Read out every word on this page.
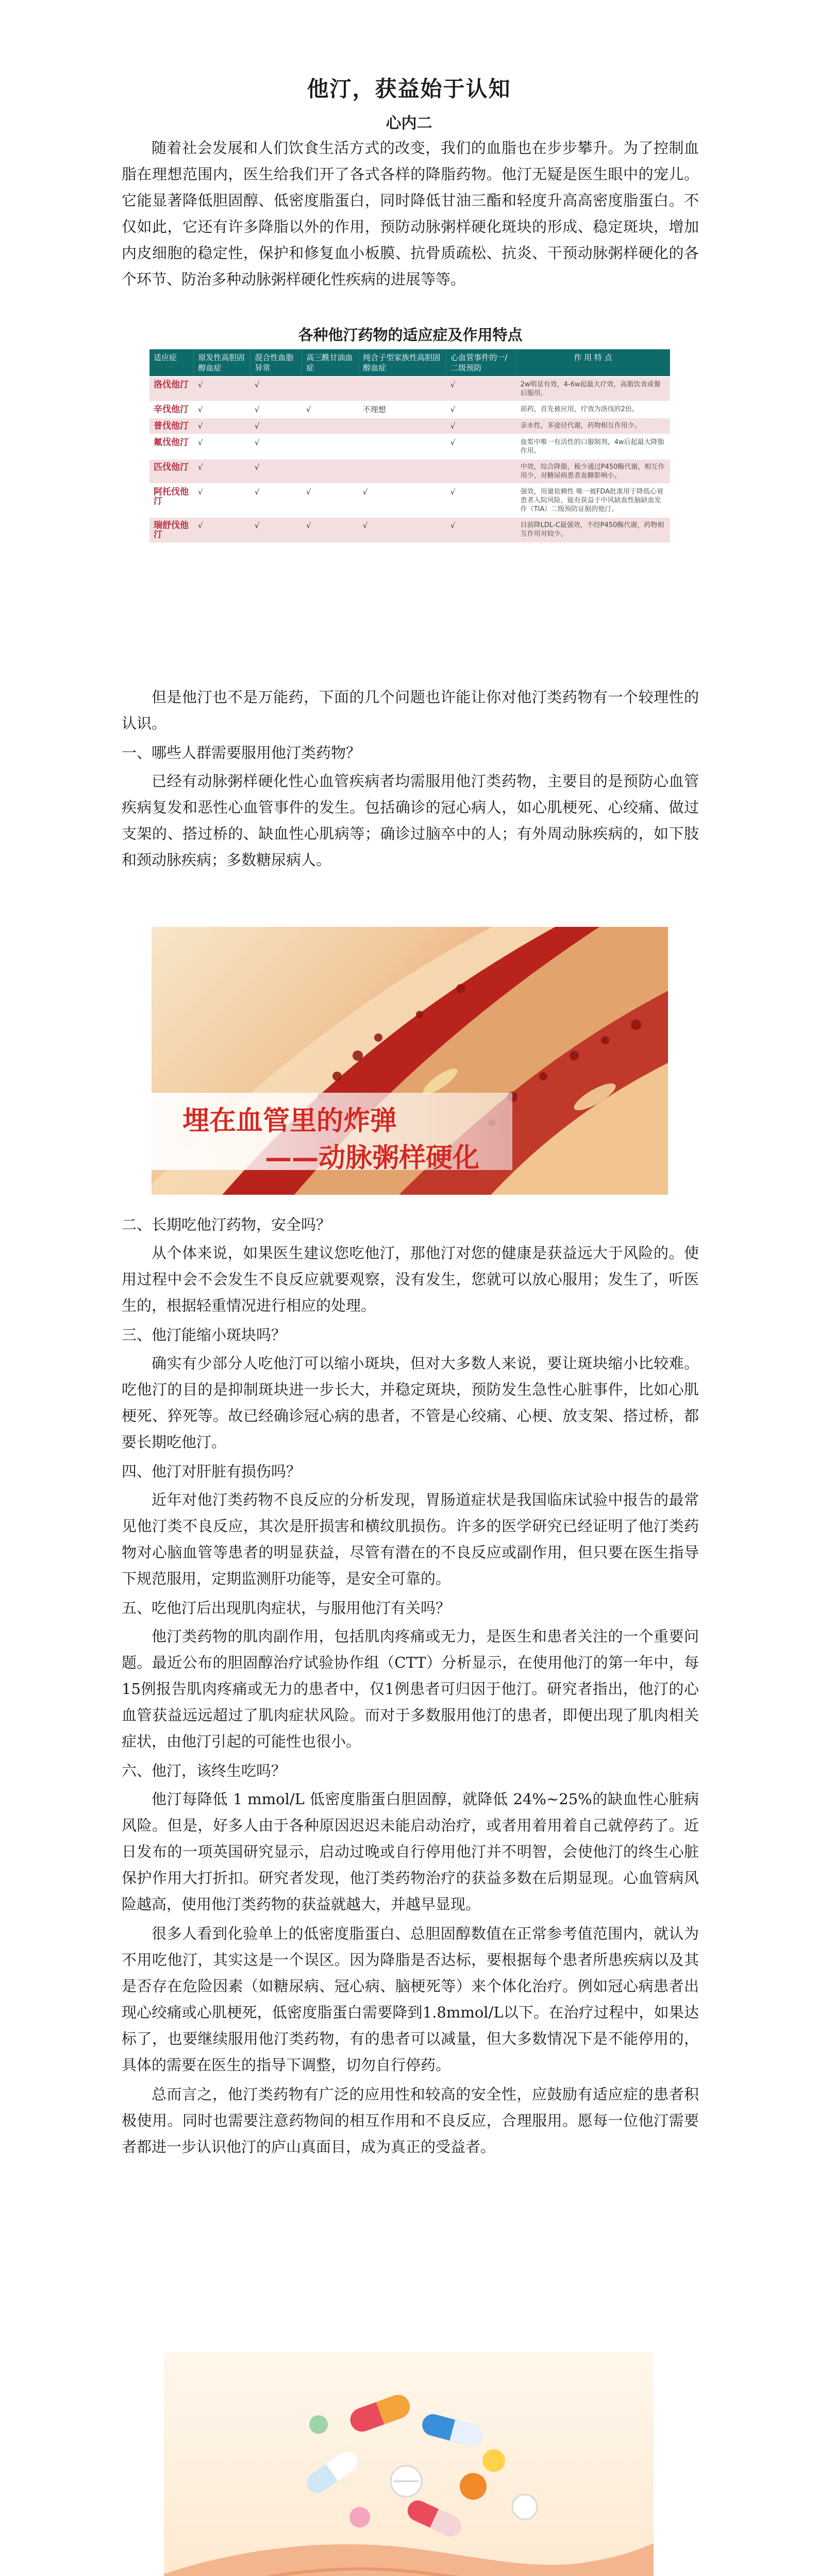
他汀，获益始于认知
心内二

随着社会发展和人们饮食生活方式的改变，我们的血脂也在步步攀升。为了控制血脂在理想范围内，医生给我们开了各式各样的降脂药物。他汀无疑是医生眼中的宠儿。它能显著降低胆固醇、低密度脂蛋白，同时降低甘油三酯和轻度升高高密度脂蛋白。不仅如此，它还有许多降脂以外的作用，预防动脉粥样硬化斑块的形成、稳定斑块，增加内皮细胞的稳定性，保护和修复血小板膜、抗骨质疏松、抗炎、干预动脉粥样硬化的各个环节、防治多种动脉粥样硬化性疾病的进展等等。

各种他汀药物的适应症及作用特点
适应症	原发性高胆固醇血症	混合性血脂异常	高三酰甘油血症	纯合子型家族性高胆固醇血症	心血管事件的一/二级预防	作 用 特 点
洛伐他汀	√	√			√	2w明显有效，4-6w起最大疗效，高脂饮食或餐后服用。
辛伐他汀	√	√	√	不理想	√	前药，首先被应用，疗效为洛伐的2倍。
普伐他汀	√	√			√	亲水性，多途径代谢，药物相互作用少。
氟伐他汀	√	√			√	血浆中唯一有活性的口服制剂，4w后起最大降脂作用。
匹伐他汀	√	√				中效，综合降脂，极少通过P450酶代谢，相互作用少，对糖尿病患者血糖影响小。
阿托伐他汀	√	√	√	√	√	强效，用量依赖性 唯一被FDA批准用于降低心衰患者入院风险，能有获益于中风缺血性脑缺血发作（TIA）二级预防证据的他汀。
瑞舒伐他汀	√	√	√	√	√	目前降LDL-C最强效，不经P450酶代谢，药物相互作用对较少。

但是他汀也不是万能药，下面的几个问题也许能让你对他汀类药物有一个较理性的认识。

一、哪些人群需要服用他汀类药物？

已经有动脉粥样硬化性心血管疾病者均需服用他汀类药物，主要目的是预防心血管疾病复发和恶性心血管事件的发生。包括确诊的冠心病人，如心肌梗死、心绞痛、做过支架的、搭过桥的、缺血性心肌病等；确诊过脑卒中的人；有外周动脉疾病的，如下肢和颈动脉疾病；多数糖尿病人。

埋在血管里的炸弹
——动脉粥样硬化

二、长期吃他汀药物，安全吗？

从个体来说，如果医生建议您吃他汀，那他汀对您的健康是获益远大于风险的。使用过程中会不会发生不良反应就要观察，没有发生，您就可以放心服用；发生了，听医生的，根据轻重情况进行相应的处理。

三、他汀能缩小斑块吗？

确实有少部分人吃他汀可以缩小斑块，但对大多数人来说，要让斑块缩小比较难。吃他汀的目的是抑制斑块进一步长大，并稳定斑块，预防发生急性心脏事件，比如心肌梗死、猝死等。故已经确诊冠心病的患者，不管是心绞痛、心梗、放支架、搭过桥，都要长期吃他汀。

四、他汀对肝脏有损伤吗？

近年对他汀类药物不良反应的分析发现，胃肠道症状是我国临床试验中报告的最常见他汀类不良反应，其次是肝损害和横纹肌损伤。许多的医学研究已经证明了他汀类药物对心脑血管等患者的明显获益，尽管有潜在的不良反应或副作用，但只要在医生指导下规范服用，定期监测肝功能等，是安全可靠的。

五、吃他汀后出现肌肉症状，与服用他汀有关吗？

他汀类药物的肌肉副作用，包括肌肉疼痛或无力，是医生和患者关注的一个重要问题。最近公布的胆固醇治疗试验协作组（CTT）分析显示，在使用他汀的第一年中，每15例报告肌肉疼痛或无力的患者中，仅1例患者可归因于他汀。研究者指出，他汀的心血管获益远远超过了肌肉症状风险。而对于多数服用他汀的患者，即便出现了肌肉相关症状，由他汀引起的可能性也很小。

六、他汀，该终生吃吗？

他汀每降低 1 mmol/L 低密度脂蛋白胆固醇，就降低 24%~25%的缺血性心脏病风险。但是，好多人由于各种原因迟迟未能启动治疗，或者用着用着自己就停药了。近日发布的一项英国研究显示，启动过晚或自行停用他汀并不明智，会使他汀的终生心脏保护作用大打折扣。研究者发现，他汀类药物治疗的获益多数在后期显现。心血管病风险越高，使用他汀类药物的获益就越大，并越早显现。

很多人看到化验单上的低密度脂蛋白、总胆固醇数值在正常参考值范围内，就认为不用吃他汀，其实这是一个误区。因为降脂是否达标，要根据每个患者所患疾病以及其是否存在危险因素（如糖尿病、冠心病、脑梗死等）来个体化治疗。例如冠心病患者出现心绞痛或心肌梗死，低密度脂蛋白需要降到1.8mmol/L以下。在治疗过程中，如果达标了，也要继续服用他汀类药物，有的患者可以减量，但大多数情况下是不能停用的，具体的需要在医生的指导下调整，切勿自行停药。

总而言之，他汀类药物有广泛的应用性和较高的安全性，应鼓励有适应症的患者积极使用。同时也需要注意药物间的相互作用和不良反应，合理服用。愿每一位他汀需要者都进一步认识他汀的庐山真面目，成为真正的受益者。
